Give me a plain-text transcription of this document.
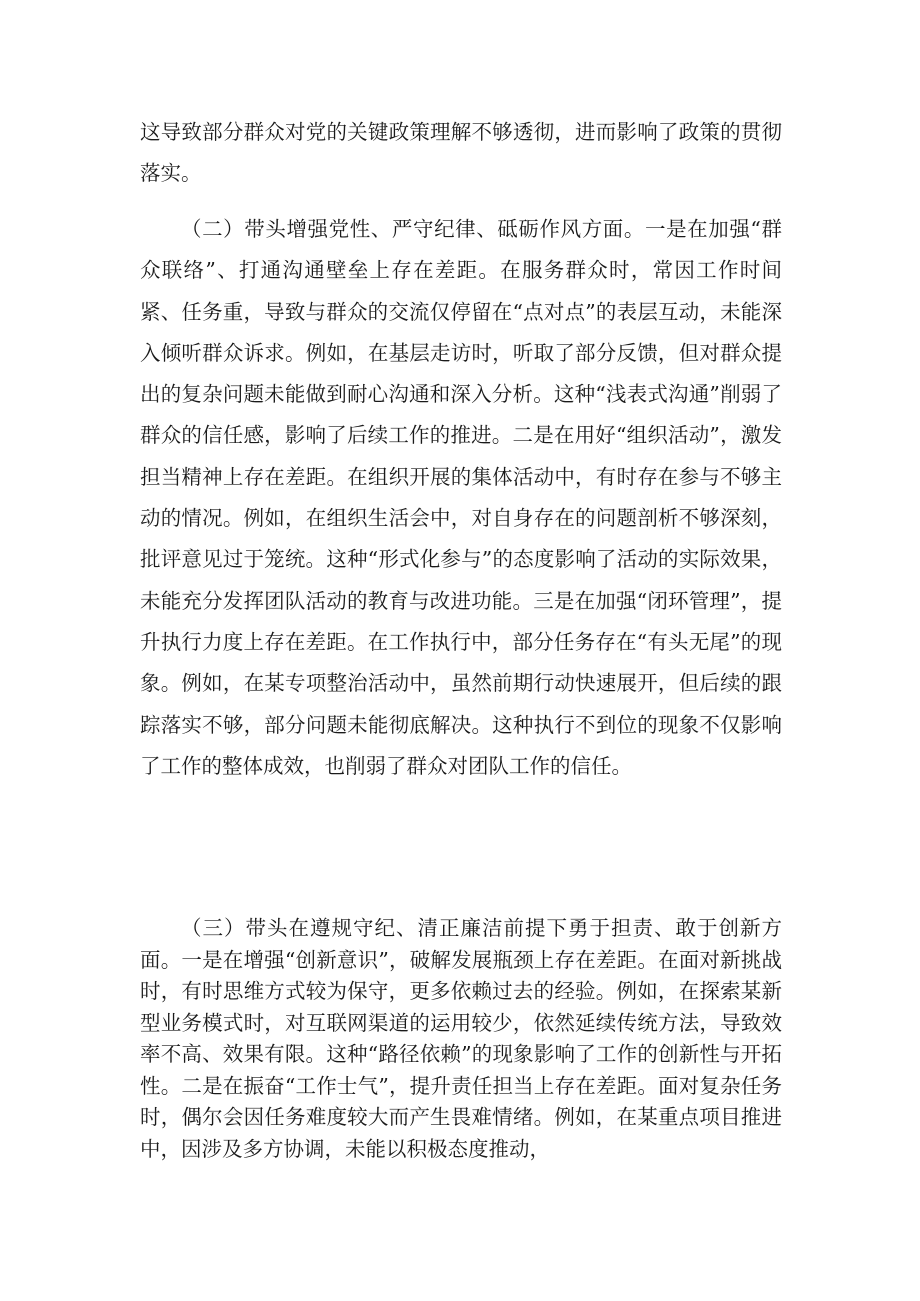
这导致部分群众对党的关键政策理解不够透彻，进而影响了政策的贯彻落实。

（二）带头增强党性、严守纪律、砥砺作风方面。一是在加强“群众联络”、打通沟通壁垒上存在差距。在服务群众时，常因工作时间紧、任务重，导致与群众的交流仅停留在“点对点”的表层互动，未能深入倾听群众诉求。例如，在基层走访时，听取了部分反馈，但对群众提出的复杂问题未能做到耐心沟通和深入分析。这种“浅表式沟通”削弱了群众的信任感，影响了后续工作的推进。二是在用好“组织活动”，激发担当精神上存在差距。在组织开展的集体活动中，有时存在参与不够主动的情况。例如，在组织生活会中，对自身存在的问题剖析不够深刻，批评意见过于笼统。这种“形式化参与”的态度影响了活动的实际效果，未能充分发挥团队活动的教育与改进功能。三是在加强“闭环管理”，提升执行力度上存在差距。在工作执行中，部分任务存在“有头无尾”的现象。例如，在某专项整治活动中，虽然前期行动快速展开，但后续的跟踪落实不够，部分问题未能彻底解决。这种执行不到位的现象不仅影响了工作的整体成效，也削弱了群众对团队工作的信任。

（三）带头在遵规守纪、清正廉洁前提下勇于担责、敢于创新方面。一是在增强“创新意识”，破解发展瓶颈上存在差距。在面对新挑战时，有时思维方式较为保守，更多依赖过去的经验。例如，在探索某新型业务模式时，对互联网渠道的运用较少，依然延续传统方法，导致效率不高、效果有限。这种“路径依赖”的现象影响了工作的创新性与开拓性。二是在振奋“工作士气”，提升责任担当上存在差距。面对复杂任务时，偶尔会因任务难度较大而产生畏难情绪。例如，在某重点项目推进中，因涉及多方协调，未能以积极态度推动，
